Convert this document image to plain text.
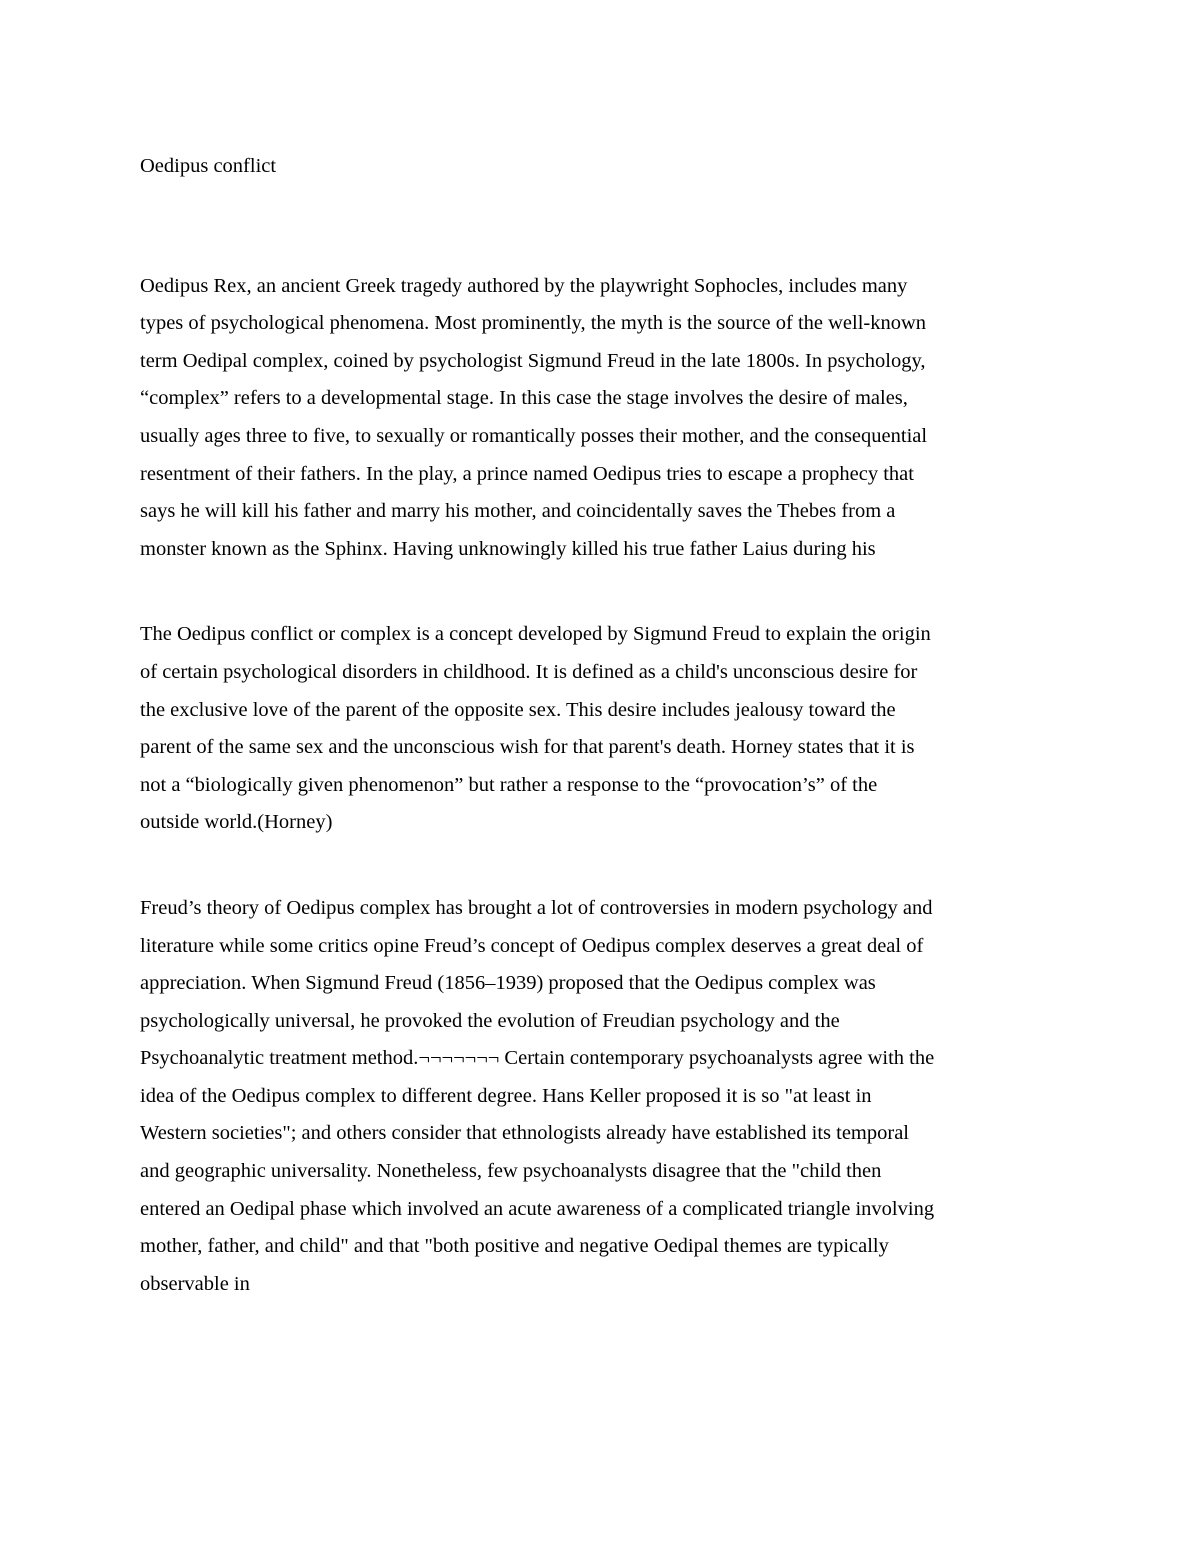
Oedipus conflict
Oedipus Rex, an ancient Greek tragedy authored by the playwright Sophocles, includes many
types of psychological phenomena. Most prominently, the myth is the source of the well-known
term Oedipal complex, coined by psychologist Sigmund Freud in the late 1800s. In psychology,
“complex” refers to a developmental stage. In this case the stage involves the desire of males,
usually ages three to five, to sexually or romantically posses their mother, and the consequential
resentment of their fathers. In the play, a prince named Oedipus tries to escape a prophecy that
says he will kill his father and marry his mother, and coincidentally saves the Thebes from a
monster known as the Sphinx. Having unknowingly killed his true father Laius during his
The Oedipus conflict or complex is a concept developed by Sigmund Freud to explain the origin
of certain psychological disorders in childhood. It is defined as a child's unconscious desire for
the exclusive love of the parent of the opposite sex. This desire includes jealousy toward the
parent of the same sex and the unconscious wish for that parent's death. Horney states that it is
not a “biologically given phenomenon” but rather a response to the “provocation’s” of the
outside world.(Horney)
Freud’s theory of Oedipus complex has brought a lot of controversies in modern psychology and
literature while some critics opine Freud’s concept of Oedipus complex deserves a great deal of
appreciation. When Sigmund Freud (1856–1939) proposed that the Oedipus complex was
psychologically universal, he provoked the evolution of Freudian psychology and the
Psychoanalytic treatment method.¬¬¬¬¬¬¬ Certain contemporary psychoanalysts agree with the
idea of the Oedipus complex to different degree. Hans Keller proposed it is so "at least in
Western societies"; and others consider that ethnologists already have established its temporal
and geographic universality. Nonetheless, few psychoanalysts disagree that the "child then
entered an Oedipal phase which involved an acute awareness of a complicated triangle involving
mother, father, and child" and that "both positive and negative Oedipal themes are typically
observable in
